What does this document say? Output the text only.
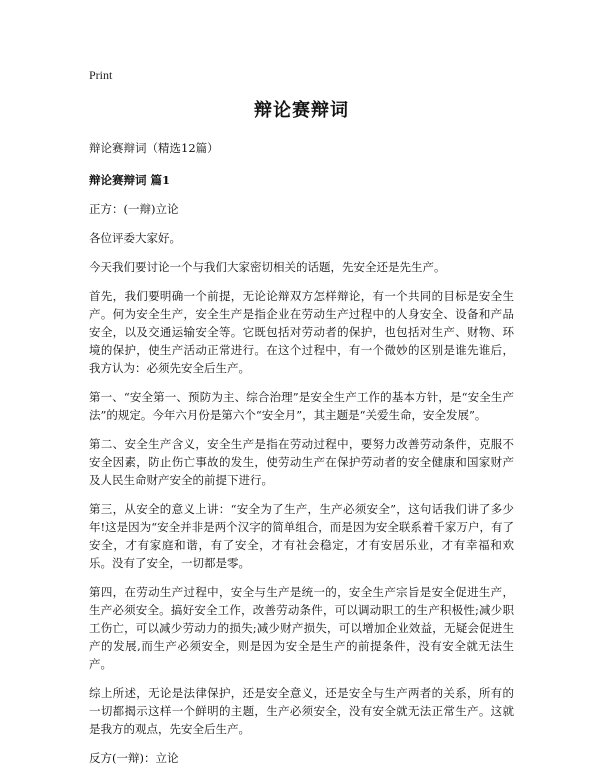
Print
辩论赛辩词

辩论赛辩词（精选12篇）

辩论赛辩词 篇1

正方：(一辩)立论

各位评委大家好。

今天我们要讨论一个与我们大家密切相关的话题，先安全还是先生产。

首先，我们要明确一个前提，无论论辩双方怎样辩论，有一个共同的目标是安全生产。何为安全生产，安全生产是指企业在劳动生产过程中的人身安全、设备和产品安全，以及交通运输安全等。它既包括对劳动者的保护，也包括对生产、财物、环境的保护，使生产活动正常进行。在这个过程中，有一个微妙的区别是谁先谁后，我方认为：必须先安全后生产。

第一、“安全第一、预防为主、综合治理”是安全生产工作的基本方针，是“安全生产法”的规定。今年六月份是第六个“安全月”，其主题是“关爱生命，安全发展”。

第二、安全生产含义，安全生产是指在劳动过程中，要努力改善劳动条件，克服不安全因素，防止伤亡事故的发生，使劳动生产在保护劳动者的安全健康和国家财产及人民生命财产安全的前提下进行。

第三，从安全的意义上讲：“安全为了生产，生产必须安全”，这句话我们讲了多少年!这是因为“安全并非是两个汉字的简单组合，而是因为安全联系着千家万户，有了安全，才有家庭和谐，有了安全，才有社会稳定，才有安居乐业，才有幸福和欢乐。没有了安全，一切都是零。

第四，在劳动生产过程中，安全与生产是统一的，安全生产宗旨是安全促进生产，生产必须安全。搞好安全工作，改善劳动条件，可以调动职工的生产积极性;减少职工伤亡，可以减少劳动力的损失;减少财产损失，可以增加企业效益，无疑会促进生产的发展,而生产必须安全，则是因为安全是生产的前提条件，没有安全就无法生产。

综上所述，无论是法律保护，还是安全意义，还是安全与生产两者的关系，所有的一切都揭示这样一个鲜明的主题，生产必须安全，没有安全就无法正常生产。这就是我方的观点，先安全后生产。

反方(一辩)：立论
